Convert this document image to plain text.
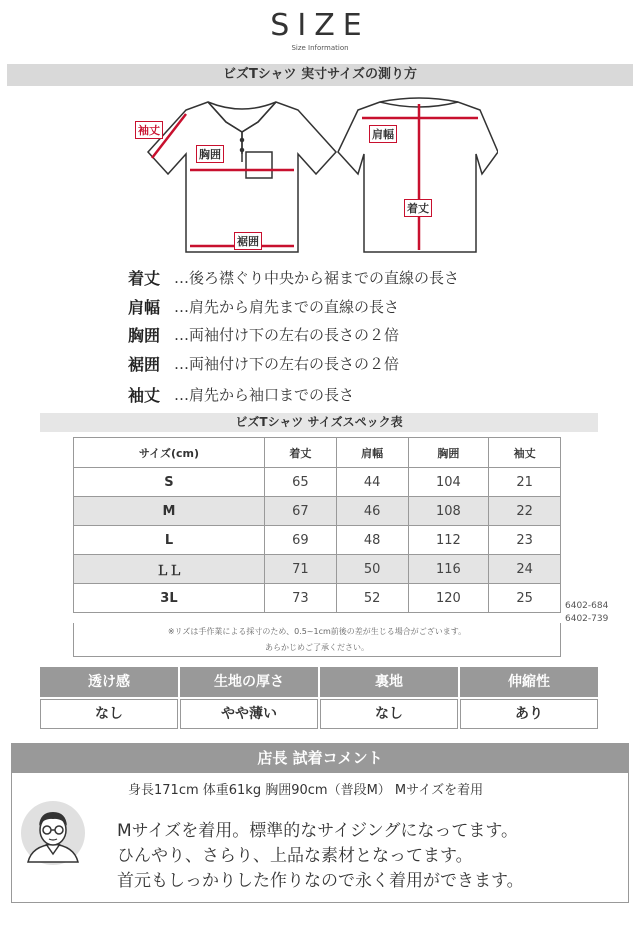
SIZE
Size Information
ビズTシャツ 実寸サイズの測り方
袖丈
胸囲
裾囲
肩幅
着丈
着丈 …後ろ襟ぐり中央から裾までの直線の長さ
肩幅 …肩先から肩先までの直線の長さ
胸囲 …両袖付け下の左右の長さの２倍
裾囲 …両袖付け下の左右の長さの２倍
袖丈 …肩先から袖口までの長さ
ビズTシャツ サイズスペック表
サイズ(cm)	着丈	肩幅	胸囲	袖丈
S	65	44	104	21
M	67	46	108	22
L	69	48	112	23
ＬＬ	71	50	116	24
3L	73	52	120	25
6402-684
6402-739
※リズは手作業による採寸のため、0.5~1cm前後の差が生じる場合がございます。
あらかじめご了承ください。
透け感	生地の厚さ	裏地	伸縮性
なし	やや薄い	なし	あり
店長 試着コメント
身長171cm 体重61kg 胸囲90cm（普段M） Mサイズを着用
Mサイズを着用。標準的なサイジングになってます。
ひんやり、さらり、上品な素材となってます。
首元もしっかりした作りなので永く着用ができます。
